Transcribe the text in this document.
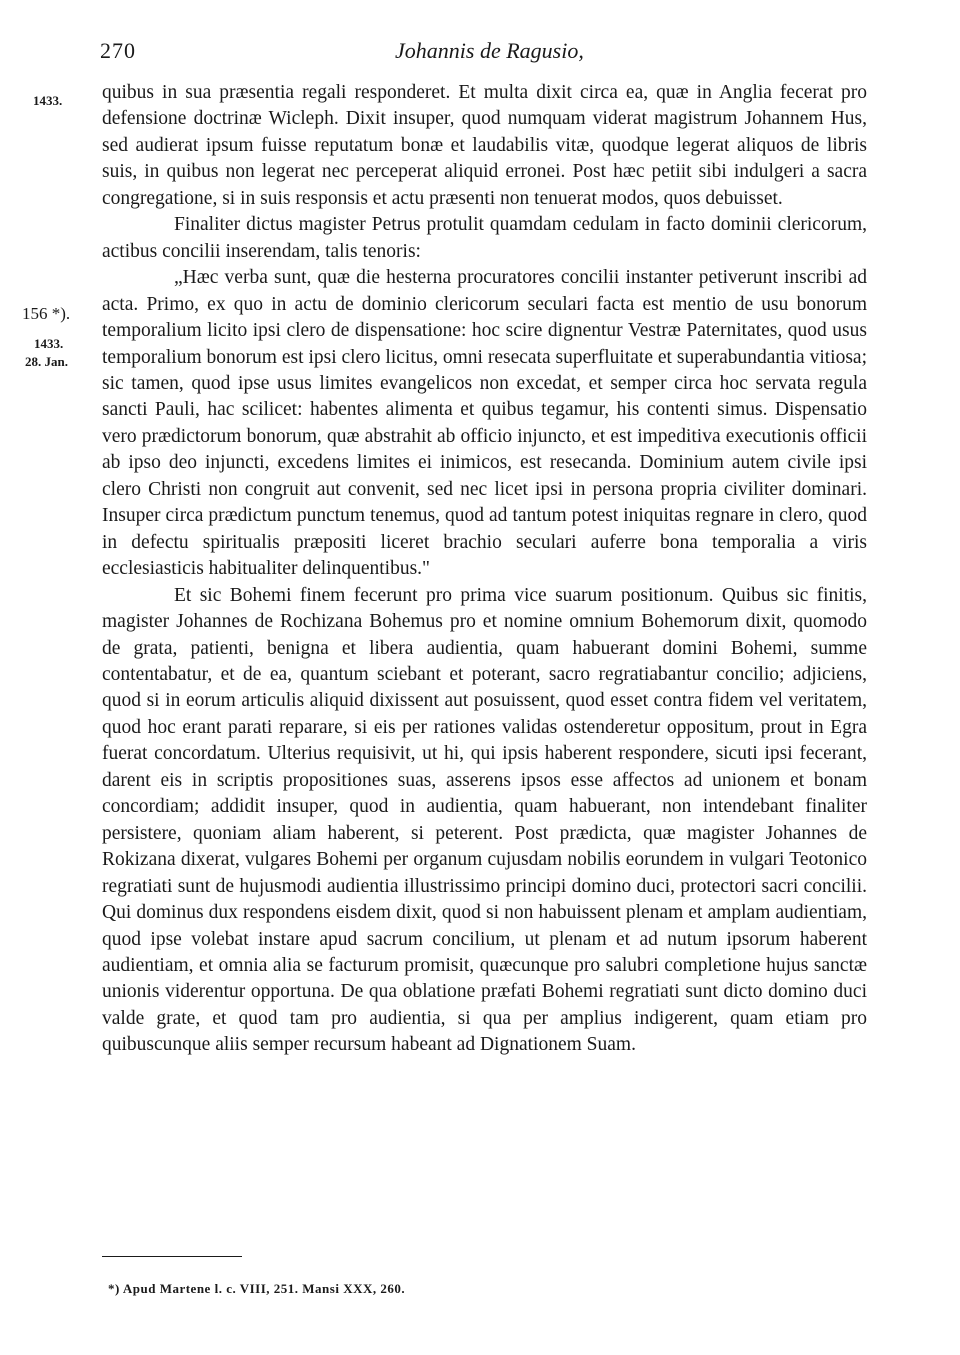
270	Johannis de Ragusio,
1433.
156 *).
1433.
28. Jan.

quibus in sua præsentia regali responderet. Et multa dixit circa ea, quæ in Anglia fecerat pro defensione doctrinæ Wicleph. Dixit insuper, quod numquam viderat magistrum Johannem Hus, sed audierat ipsum fuisse reputatum bonæ et laudabilis vitæ, quodque legerat aliquos de libris suis, in quibus non legerat nec perceperat aliquid erronei. Post hæc petiit sibi indulgeri a sacra congregatione, si in suis responsis et actu præsenti non tenuerat modos, quos debuisset.

Finaliter dictus magister Petrus protulit quamdam cedulam in facto dominii clericorum, actibus concilii inserendam, talis tenoris:

„Hæc verba sunt, quæ die hesterna procuratores concilii instanter petiverunt inscribi ad acta. Primo, ex quo in actu de dominio clericorum seculari facta est mentio de usu bonorum temporalium licito ipsi clero de dispensatione: hoc scire dignentur Vestræ Paternitates, quod usus temporalium bonorum est ipsi clero licitus, omni resecata superfluitate et superabundantia vitiosa; sic tamen, quod ipse usus limites evangelicos non excedat, et semper circa hoc servata regula sancti Pauli, hac scilicet: habentes alimenta et quibus tegamur, his contenti simus. Dispensatio vero prædictorum bonorum, quæ abstrahit ab officio injuncto, et est impeditiva executionis officii ab ipso deo injuncti, excedens limites ei inimicos, est resecanda. Dominium autem civile ipsi clero Christi non congruit aut convenit, sed nec licet ipsi in persona propria civiliter dominari. Insuper circa prædictum punctum tenemus, quod ad tantum potest iniquitas regnare in clero, quod in defectu spiritualis præpositi liceret brachio seculari auferre bona temporalia a viris ecclesiasticis habitualiter delinquentibus."

Et sic Bohemi finem fecerunt pro prima vice suarum positionum. Quibus sic finitis, magister Johannes de Rochizana Bohemus pro et nomine omnium Bohemorum dixit, quomodo de grata, patienti, benigna et libera audientia, quam habuerant domini Bohemi, summe contentabatur, et de ea, quantum sciebant et poterant, sacro regratiabantur concilio; adjiciens, quod si in eorum articulis aliquid dixissent aut posuissent, quod esset contra fidem vel veritatem, quod hoc erant parati reparare, si eis per rationes validas ostenderetur oppositum, prout in Egra fuerat concordatum. Ulterius requisivit, ut hi, qui ipsis haberent respondere, sicuti ipsi fecerant, darent eis in scriptis propositiones suas, asserens ipsos esse affectos ad unionem et bonam concordiam; addidit insuper, quod in audientia, quam habuerant, non intendebant finaliter persistere, quoniam aliam haberent, si peterent. Post prædicta, quæ magister Johannes de Rokizana dixerat, vulgares Bohemi per organum cujusdam nobilis eorundem in vulgari Teotonico regratiati sunt de hujusmodi audientia illustrissimo principi domino duci, protectori sacri concilii. Qui dominus dux respondens eisdem dixit, quod si non habuissent plenam et amplam audientiam, quod ipse volebat instare apud sacrum concilium, ut plenam et ad nutum ipsorum haberent audientiam, et omnia alia se facturum promisit, quæcunque pro salubri completione hujus sanctæ unionis viderentur opportuna. De qua oblatione præfati Bohemi regratiati sunt dicto domino duci valde grate, et quod tam pro audientia, si qua per amplius indigerent, quam etiam pro quibuscunque aliis semper recursum habeant ad Dignationem Suam.

*) Apud Martene l. c. VIII, 251. Mansi XXX, 260.
